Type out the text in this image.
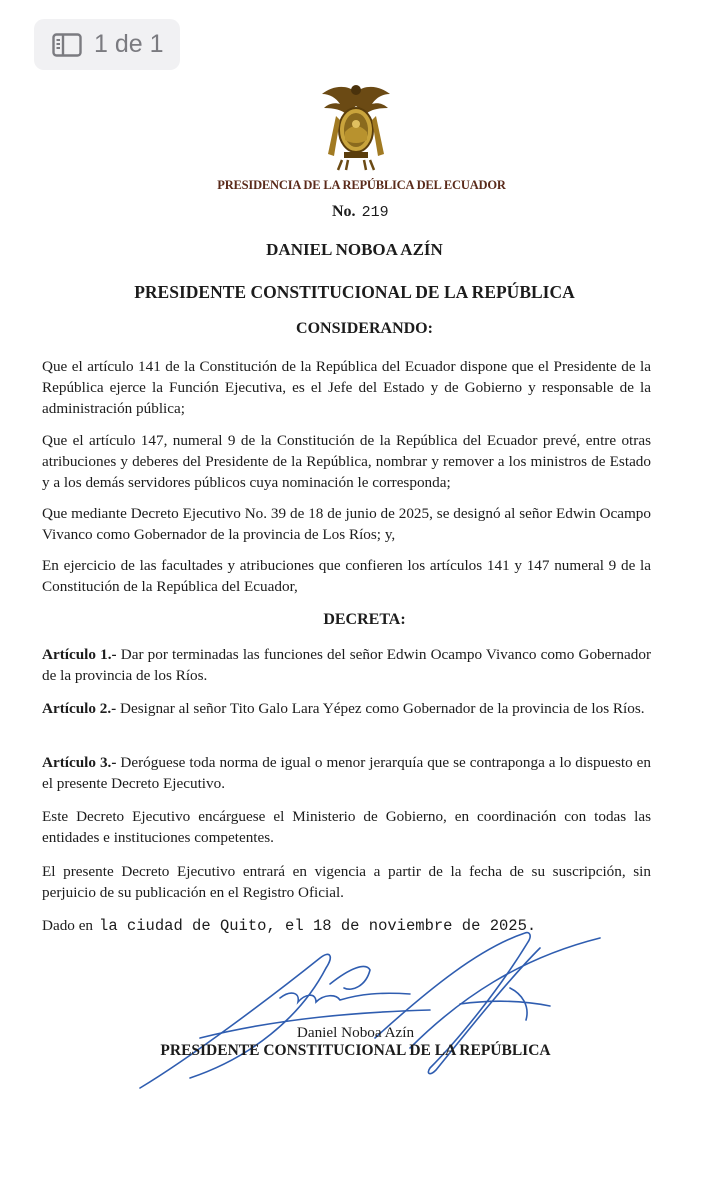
1 de 1
PRESIDENCIA DE LA REPÚBLICA DEL ECUADOR
No. 219
DANIEL NOBOA AZÍN
PRESIDENTE CONSTITUCIONAL DE LA REPÚBLICA
CONSIDERANDO:
Que el artículo 141 de la Constitución de la República del Ecuador dispone que el Presidente de la República ejerce la Función Ejecutiva, es el Jefe del Estado y de Gobierno y responsable de la administración pública;
Que el artículo 147, numeral 9 de la Constitución de la República del Ecuador prevé, entre otras atribuciones y deberes del Presidente de la República, nombrar y remover a los ministros de Estado y a los demás servidores públicos cuya nominación le corresponda;
Que mediante Decreto Ejecutivo No. 39 de 18 de junio de 2025, se designó al señor Edwin Ocampo Vivanco como Gobernador de la provincia de Los Ríos; y,
En ejercicio de las facultades y atribuciones que confieren los artículos 141 y 147 numeral 9 de la Constitución de la República del Ecuador,
DECRETA:
Artículo 1.- Dar por terminadas las funciones del señor Edwin Ocampo Vivanco como Gobernador de la provincia de los Ríos.
Artículo 2.- Designar al señor Tito Galo Lara Yépez como Gobernador de la provincia de los Ríos.
Artículo 3.- Deróguese toda norma de igual o menor jerarquía que se contraponga a lo dispuesto en el presente Decreto Ejecutivo.
Este Decreto Ejecutivo encárguese el Ministerio de Gobierno, en coordinación con todas las entidades e instituciones competentes.
El presente Decreto Ejecutivo entrará en vigencia a partir de la fecha de su suscripción, sin perjuicio de su publicación en el Registro Oficial.
Dado en la ciudad de Quito, el 18 de noviembre de 2025.
Daniel Noboa Azín
PRESIDENTE CONSTITUCIONAL DE LA REPÚBLICA
